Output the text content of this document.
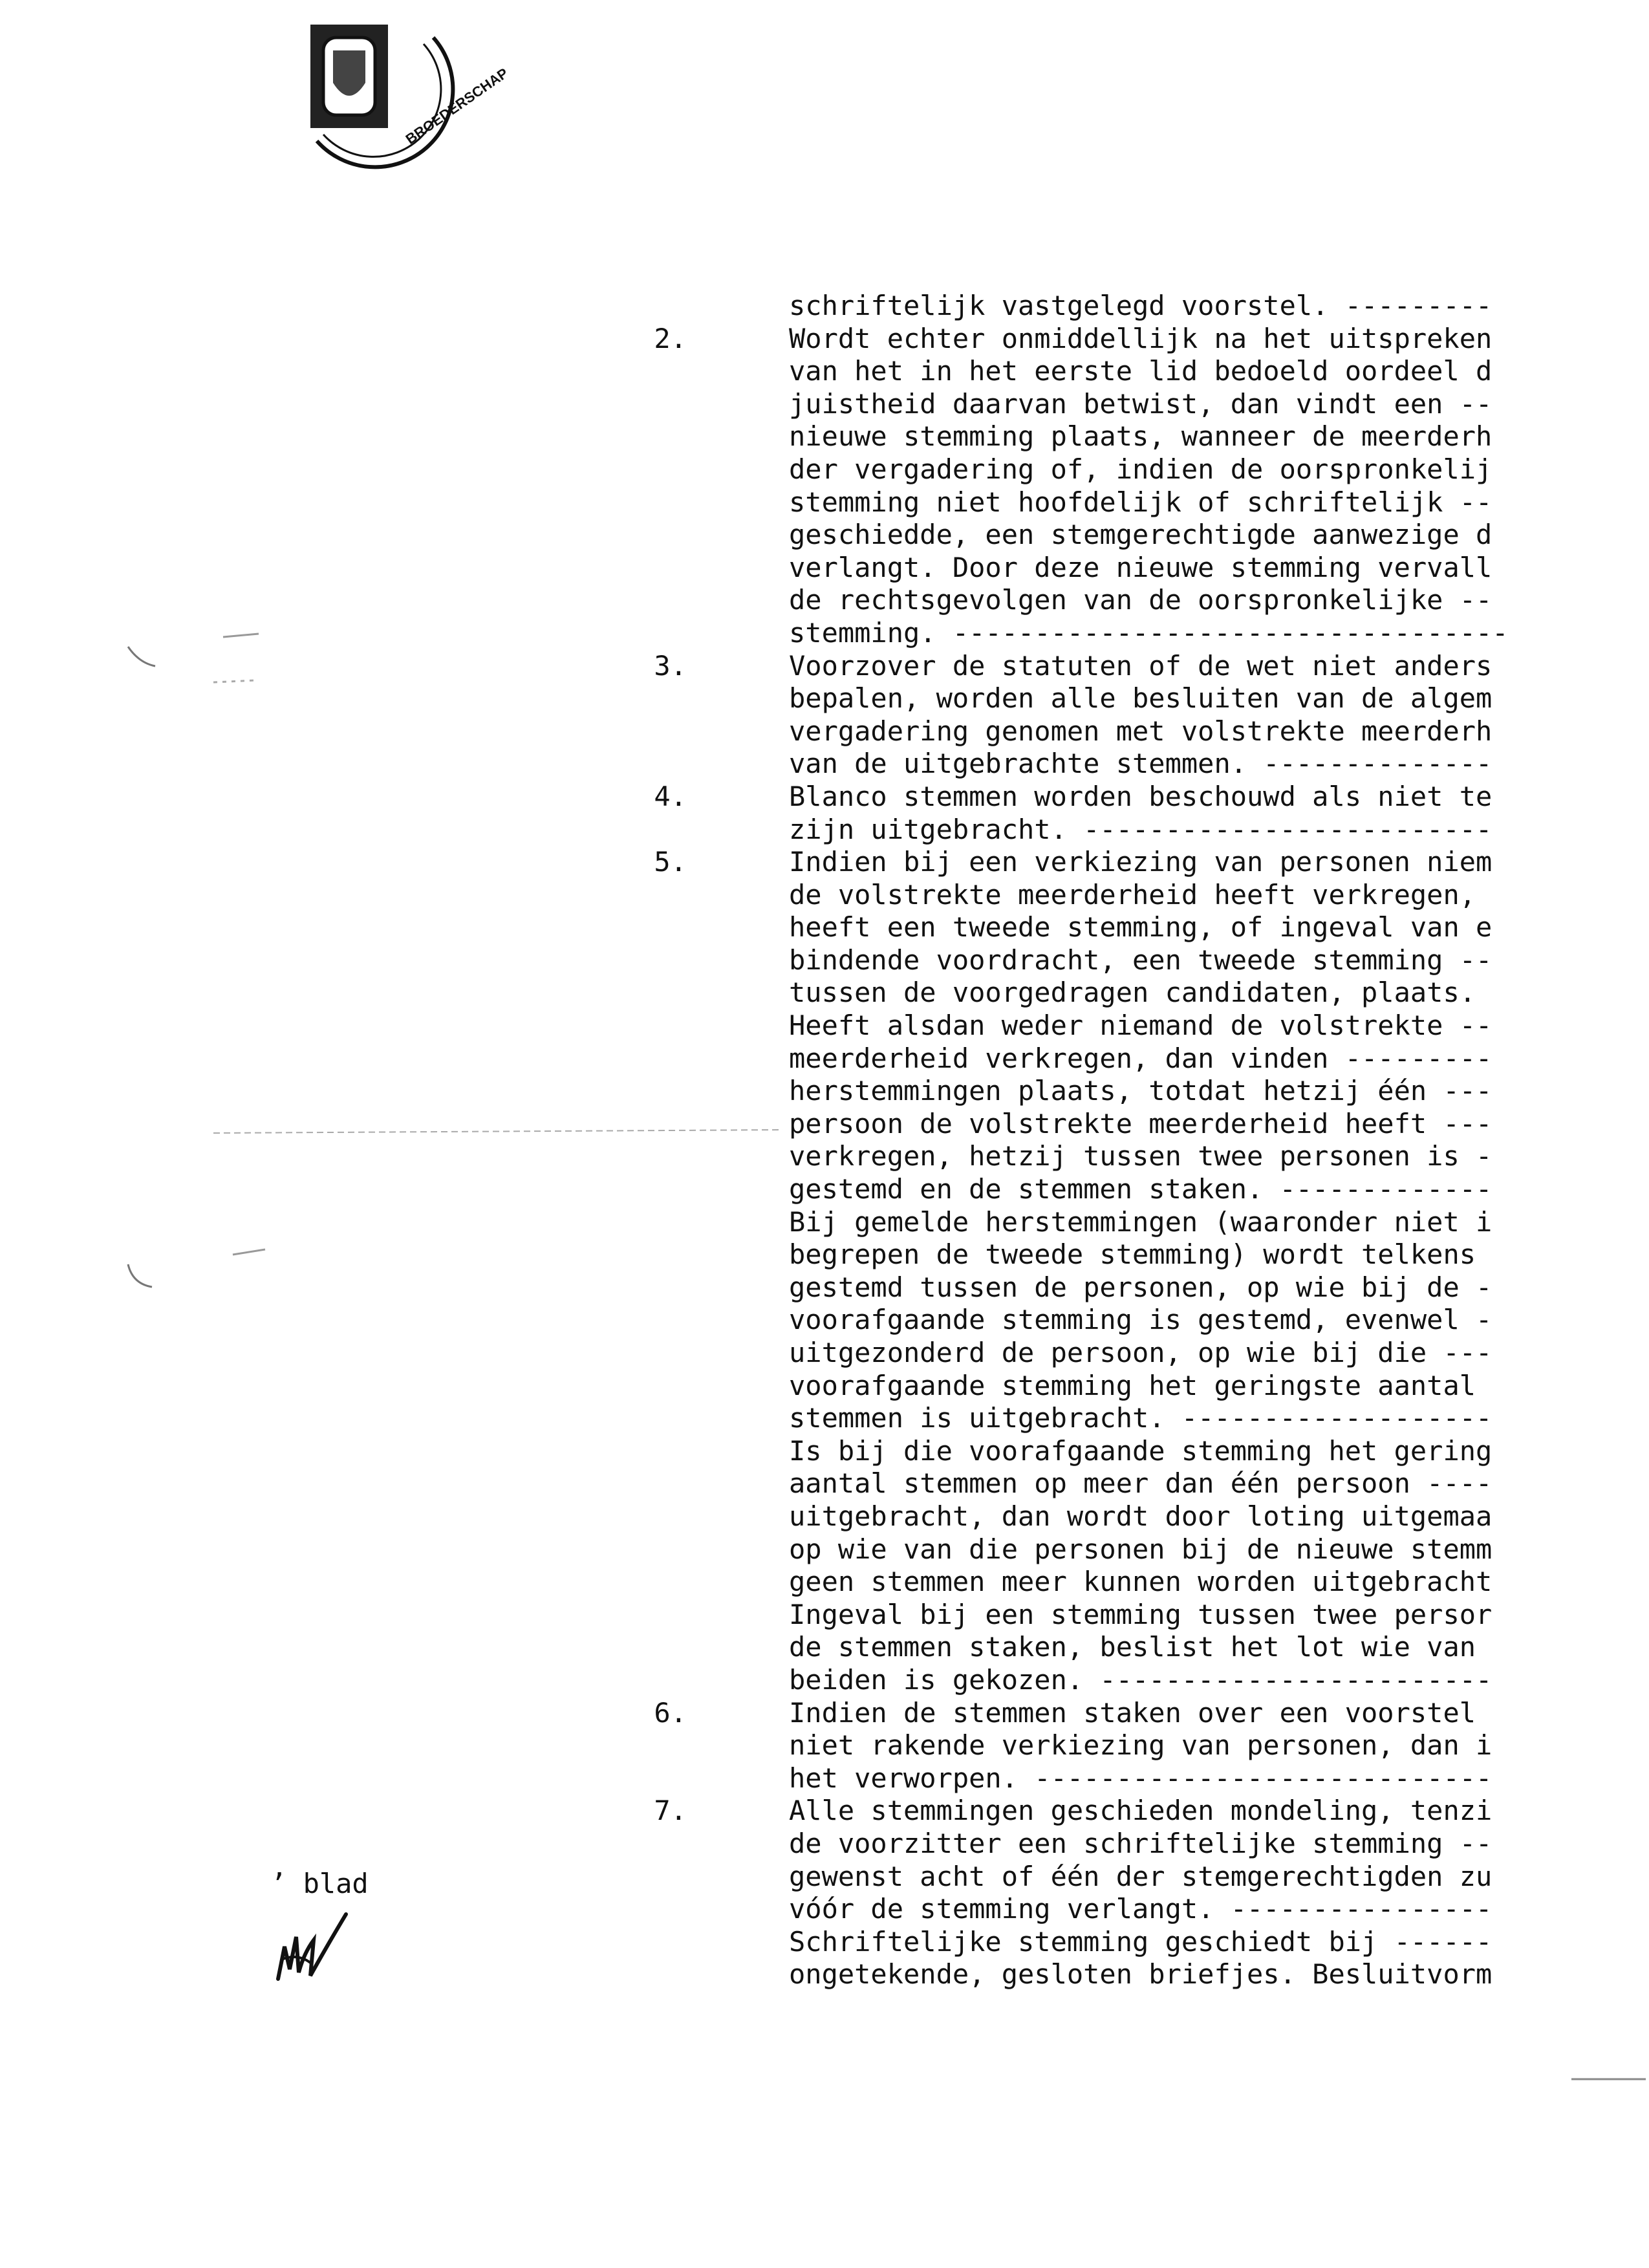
BROEDERSCHAP
schriftelijk vastgelegd voorstel. ---------
2.	Wordt echter onmiddellijk na het uitspreken
van het in het eerste lid bedoeld oordeel d
juistheid daarvan betwist, dan vindt een --
nieuwe stemming plaats, wanneer de meerderh
der vergadering of, indien de oorspronkelij
stemming niet hoofdelijk of schriftelijk --
geschiedde, een stemgerechtigde aanwezige d
verlangt. Door deze nieuwe stemming vervall
de rechtsgevolgen van de oorspronkelijke --
stemming. ----------------------------------
3.	Voorzover de statuten of de wet niet anders
bepalen, worden alle besluiten van de algem
vergadering genomen met volstrekte meerderh
van de uitgebrachte stemmen. --------------
4.	Blanco stemmen worden beschouwd als niet te
zijn uitgebracht. -------------------------
5.	Indien bij een verkiezing van personen niem
de volstrekte meerderheid heeft verkregen,
heeft een tweede stemming, of ingeval van e
bindende voordracht, een tweede stemming --
tussen de voorgedragen candidaten, plaats.
Heeft alsdan weder niemand de volstrekte --
meerderheid verkregen, dan vinden ---------
herstemmingen plaats, totdat hetzij één ---
persoon de volstrekte meerderheid heeft ---
verkregen, hetzij tussen twee personen is -
gestemd en de stemmen staken. -------------
Bij gemelde herstemmingen (waaronder niet i
begrepen de tweede stemming) wordt telkens
gestemd tussen de personen, op wie bij de -
voorafgaande stemming is gestemd, evenwel -
uitgezonderd de persoon, op wie bij die ---
voorafgaande stemming het geringste aantal
stemmen is uitgebracht. -------------------
Is bij die voorafgaande stemming het gering
aantal stemmen op meer dan één persoon ----
uitgebracht, dan wordt door loting uitgemaa
op wie van die personen bij de nieuwe stemm
geen stemmen meer kunnen worden uitgebracht
Ingeval bij een stemming tussen twee persor
de stemmen staken, beslist het lot wie van
beiden is gekozen. ------------------------
6.	Indien de stemmen staken over een voorstel
niet rakende verkiezing van personen, dan i
het verworpen. ----------------------------
7.	Alle stemmingen geschieden mondeling, tenzi
de voorzitter een schriftelijke stemming --
gewenst acht of één der stemgerechtigden zu
vóór de stemming verlangt. ----------------
Schriftelijke stemming geschiedt bij ------
ongetekende, gesloten briefjes. Besluitvorm
’ blad
